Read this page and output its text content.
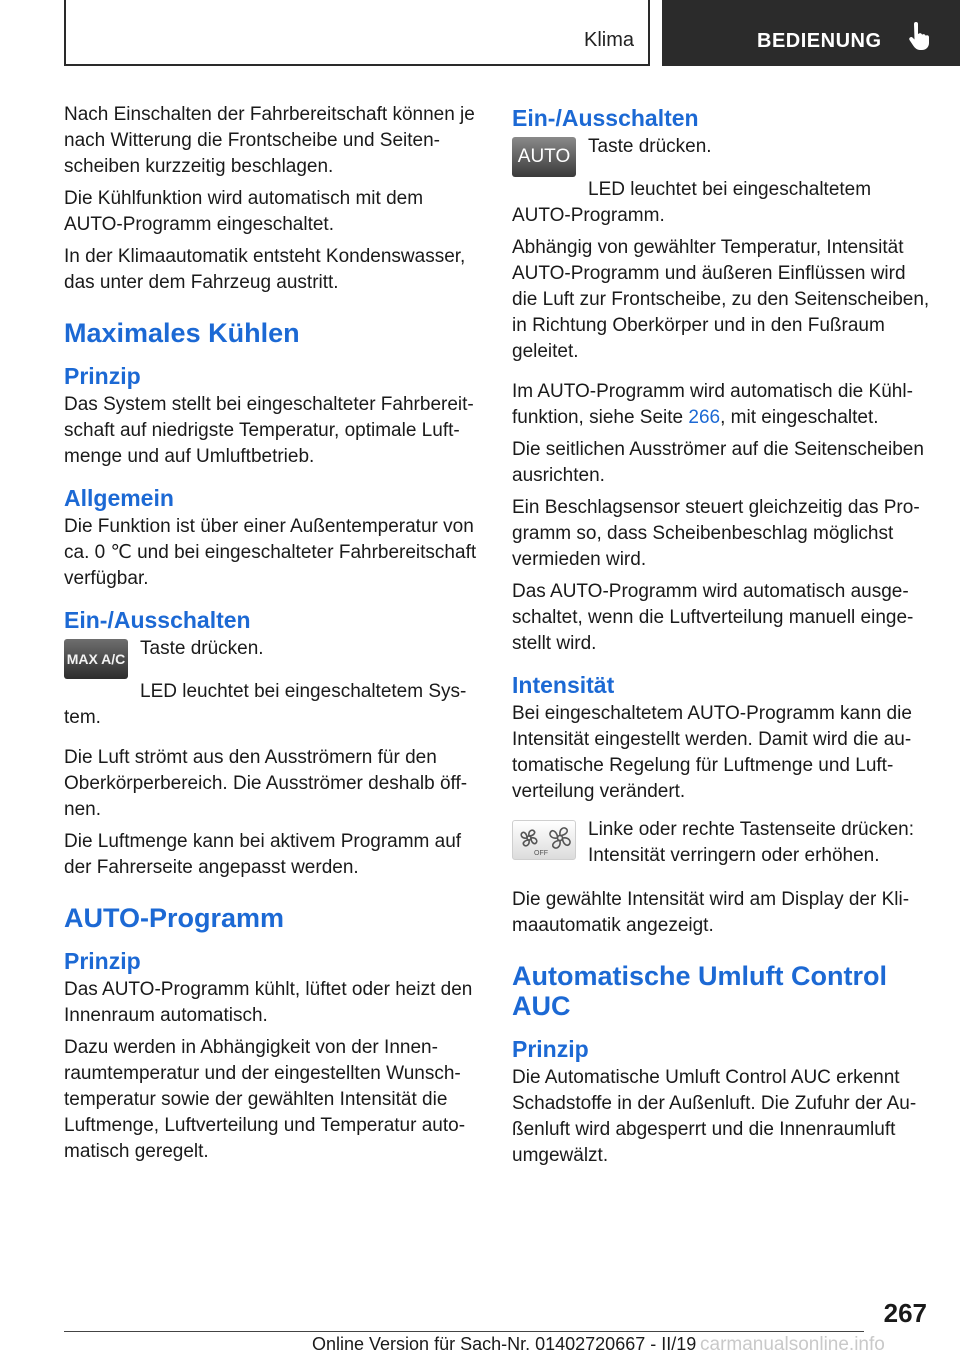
Klima	BEDIENUNG

Nach Einschalten der Fahrbereitschaft können je nach Witterung die Frontscheibe und Seitenscheiben kurzzeitig beschlagen.

Die Kühlfunktion wird automatisch mit dem AUTO-Programm eingeschaltet.

In der Klimaautomatik entsteht Kondenswasser, das unter dem Fahrzeug austritt.

Maximales Kühlen
Prinzip

Das System stellt bei eingeschalteter Fahrbereitschaft auf niedrigste Temperatur, optimale Luftmenge und auf Umluftbetrieb.

Allgemein

Die Funktion ist über einer Außentemperatur von ca. 0 ℃ und bei eingeschalteter Fahrbereitschaft verfügbar.

Ein-/Ausschalten
MAX A/C Taste drücken.

LED leuchtet bei eingeschaltetem System.

Die Luft strömt aus den Ausströmern für den Oberkörperbereich. Die Ausströmer deshalb öffnen.

Die Luftmenge kann bei aktivem Programm auf der Fahrerseite angepasst werden.

AUTO-Programm
Prinzip

Das AUTO-Programm kühlt, lüftet oder heizt den Innenraum automatisch.

Dazu werden in Abhängigkeit von der Innenraumtemperatur und der eingestellten Wunschtemperatur sowie der gewählten Intensität die Luftmenge, Luftverteilung und Temperatur automatisch geregelt.

Ein-/Ausschalten
AUTO Taste drücken.

LED leuchtet bei eingeschaltetem AUTO-Programm.

Abhängig von gewählter Temperatur, Intensität AUTO-Programm und äußeren Einflüssen wird die Luft zur Frontscheibe, zu den Seitenscheiben, in Richtung Oberkörper und in den Fußraum geleitet.

Im AUTO-Programm wird automatisch die Kühlfunktion, siehe Seite 266, mit eingeschaltet.

Die seitlichen Ausströmer auf die Seitenscheiben ausrichten.

Ein Beschlagsensor steuert gleichzeitig das Programm so, dass Scheibenbeschlag möglichst vermieden wird.

Das AUTO-Programm wird automatisch ausgeschaltet, wenn die Luftverteilung manuell eingestellt wird.

Intensität

Bei eingeschaltetem AUTO-Programm kann die Intensität eingestellt werden. Damit wird die automatische Regelung für Luftmenge und Luftverteilung verändert.

OFF

Linke oder rechte Tastenseite drücken: Intensität verringern oder erhöhen.

Die gewählte Intensität wird am Display der Klimaautomatik angezeigt.

Automatische Umluft Control AUC
Prinzip

Die Automatische Umluft Control AUC erkennt Schadstoffe in der Außenluft. Die Zufuhr der Außenluft wird abgesperrt und die Innenraumluft umgewälzt.

267
Online Version für Sach-Nr. 01402720667 - II/19 carmanualsonline.info
